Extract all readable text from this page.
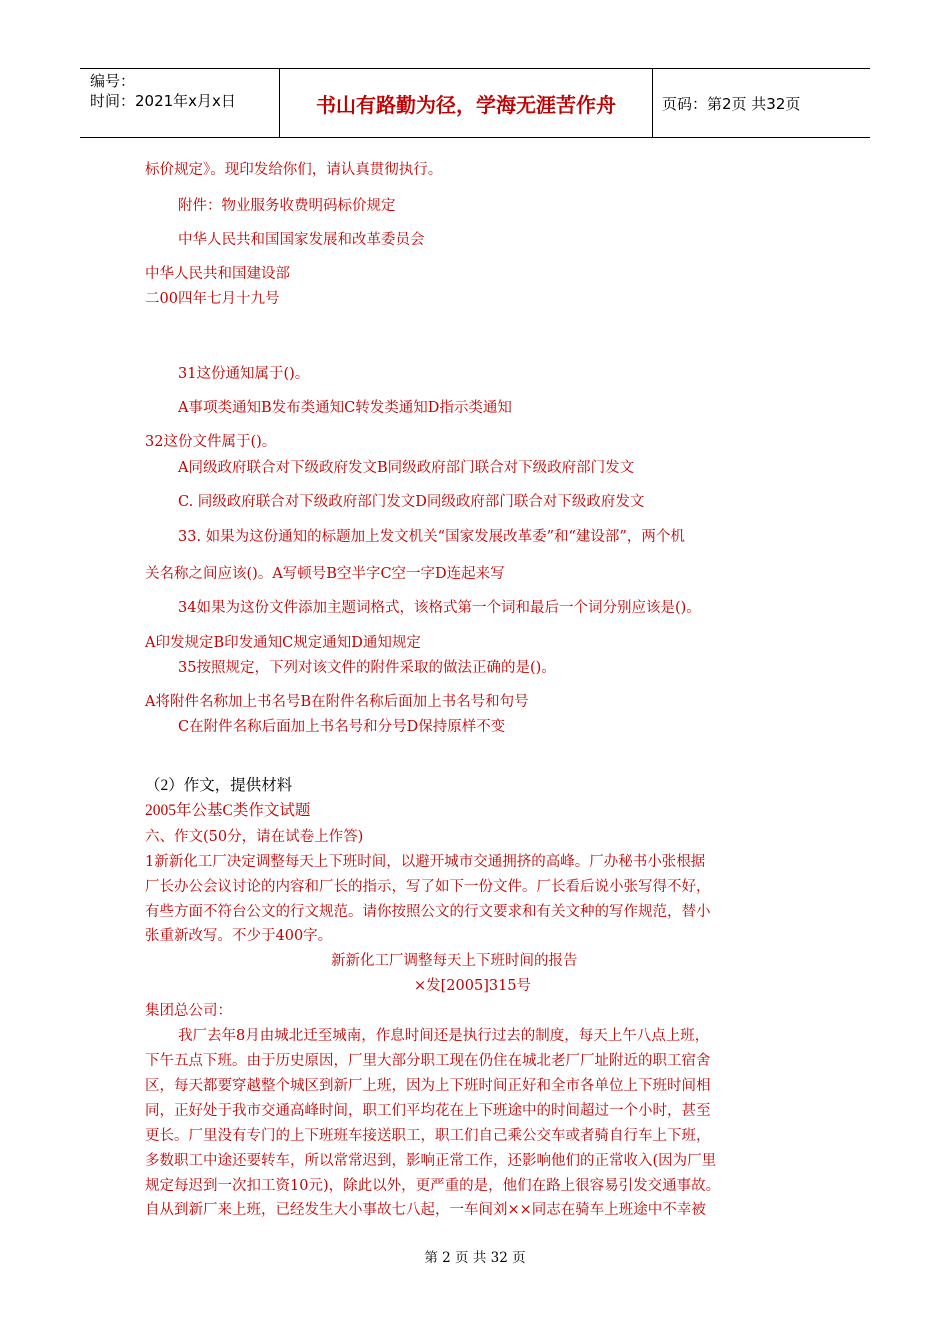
编号：
时间：2021年x月x日	书山有路勤为径，学海无涯苦作舟	页码：第2页 共32页
标价规定》。现印发给你们，请认真贯彻执行。
附件：物业服务收费明码标价规定
中华人民共和国国家发展和改革委员会
中华人民共和国建设部
二00四年七月十九号
31这份通知属于()。
A事项类通知B发布类通知C转发类通知D指示类通知
32这份文件属于()。
A同级政府联合对下级政府发文B同级政府部门联合对下级政府部门发文
C. 同级政府联合对下级政府部门发文D同级政府部门联合对下级政府发文
33. 如果为这份通知的标题加上发文机关“国家发展改革委”和“建设部”，两个机
关名称之间应该()。A写顿号B空半字C空一字D连起来写
34如果为这份文件添加主题词格式，该格式第一个词和最后一个词分别应该是()。
A印发规定B印发通知C规定通知D通知规定
35按照规定，下列对该文件的附件采取的做法正确的是()。
A将附件名称加上书名号B在附件名称后面加上书名号和句号
C在附件名称后面加上书名号和分号D保持原样不变
（2）作文，提供材料
2005年公基C类作文试题
六、作文(50分，请在试卷上作答)
1新新化工厂决定调整每天上下班时间，以避开城市交通拥挤的高峰。厂办秘书小张根据
厂长办公会议讨论的内容和厂长的指示，写了如下一份文件。厂长看后说小张写得不好，
有些方面不符台公文的行文规范。请你按照公文的行文要求和有关文种的写作规范，替小
张重新改写。不少于400字。
新新化工厂调整每天上下班时间的报告
×发[2005]315号
集团总公司：
我厂去年8月由城北迁至城南，作息时间还是执行过去的制度，每天上午八点上班，
下午五点下班。由于历史原因，厂里大部分职工现在仍住在城北老厂厂址附近的职工宿舍
区，每天都要穿越整个城区到新厂上班，因为上下班时间正好和全市各单位上下班时间相
同，正好处于我市交通高峰时间，职工们平均花在上下班途中的时间超过一个小时，甚至
更长。厂里没有专门的上下班班车接送职工，职工们自己乘公交车或者骑自行车上下班，
多数职工中途还要转车，所以常常迟到，影响正常工作，还影响他们的正常收入(因为厂里
规定每迟到一次扣工资10元)，除此以外，更严重的是，他们在路上很容易引发交通事故。
自从到新厂来上班，已经发生大小事故七八起，一车间刘××同志在骑车上班途中不幸被
第 2 页 共 32 页
